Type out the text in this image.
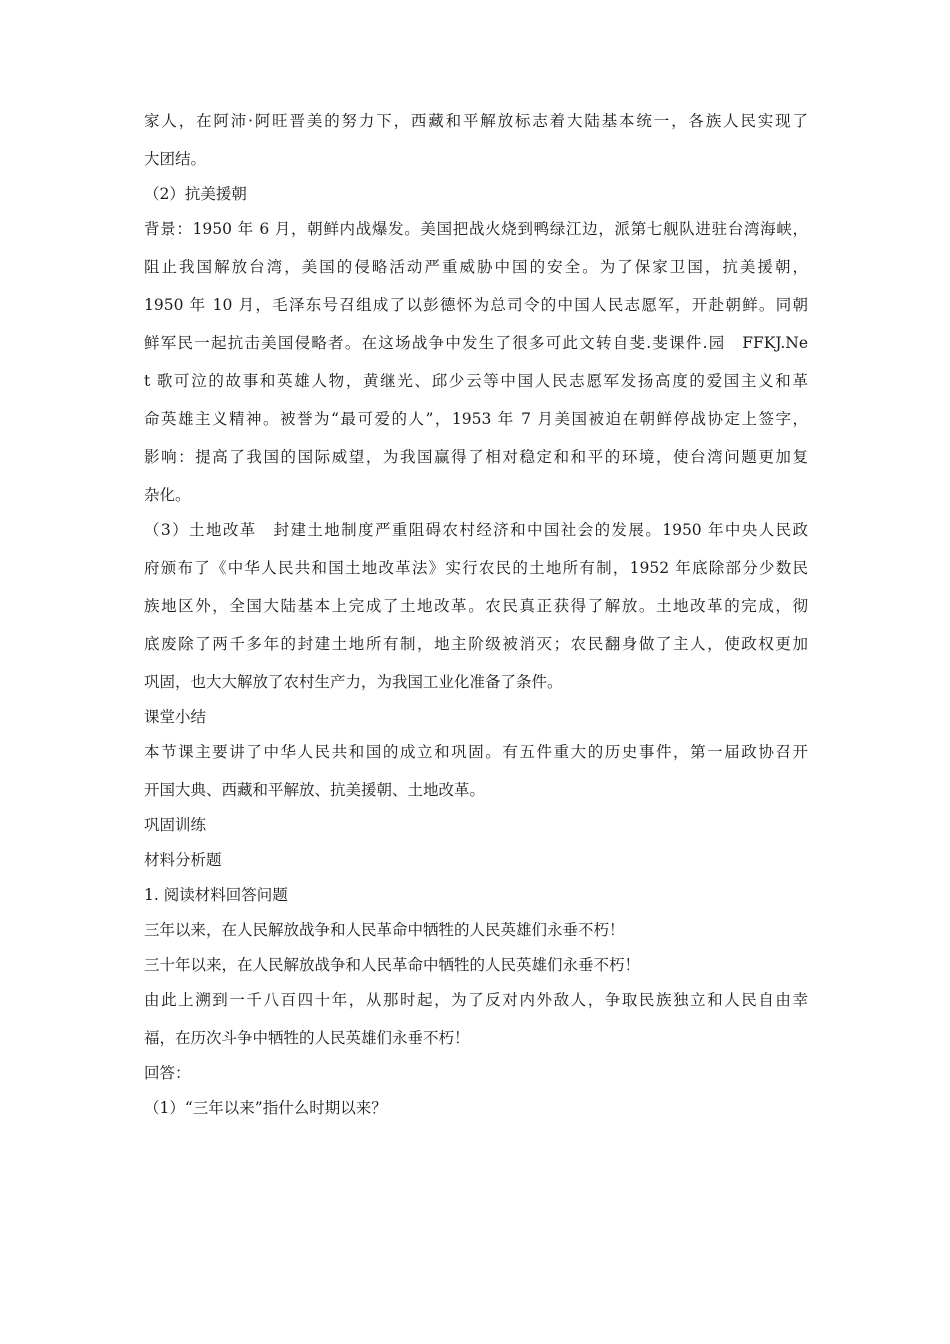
家人，在阿沛·阿旺晋美的努力下，西藏和平解放标志着大陆基本统一，各族人民实现了

大团结。

（2）抗美援朝

背景：1950 年 6 月，朝鲜内战爆发。美国把战火烧到鸭绿江边，派第七舰队进驻台湾海峡，

阻止我国解放台湾，美国的侵略活动严重威胁中国的安全。为了保家卫国，抗美援朝，

1950 年 10 月，毛泽东号召组成了以彭德怀为总司令的中国人民志愿军，开赴朝鲜。同朝

鲜军民一起抗击美国侵略者。在这场战争中发生了很多可此文转自斐.斐课件.园　FFKJ.Ne

t 歌可泣的故事和英雄人物，黄继光、邱少云等中国人民志愿军发扬高度的爱国主义和革

命英雄主义精神。被誉为“最可爱的人”，1953 年 7 月美国被迫在朝鲜停战协定上签字，

影响：提高了我国的国际威望，为我国赢得了相对稳定和和平的环境，使台湾问题更加复

杂化。

（3）土地改革　封建土地制度严重阻碍农村经济和中国社会的发展。1950 年中央人民政

府颁布了《中华人民共和国土地改革法》实行农民的土地所有制，1952 年底除部分少数民

族地区外，全国大陆基本上完成了土地改革。农民真正获得了解放。土地改革的完成，彻

底废除了两千多年的封建土地所有制，地主阶级被消灭；农民翻身做了主人，使政权更加

巩固，也大大解放了农村生产力，为我国工业化准备了条件。

课堂小结

本节课主要讲了中华人民共和国的成立和巩固。有五件重大的历史事件，第一届政协召开

开国大典、西藏和平解放、抗美援朝、土地改革。

巩固训练

材料分析题

1. 阅读材料回答问题

三年以来，在人民解放战争和人民革命中牺牲的人民英雄们永垂不朽！

三十年以来，在人民解放战争和人民革命中牺牲的人民英雄们永垂不朽！

由此上溯到一千八百四十年，从那时起，为了反对内外敌人，争取民族独立和人民自由幸

福，在历次斗争中牺牲的人民英雄们永垂不朽！

回答：

（1）“三年以来”指什么时期以来？
